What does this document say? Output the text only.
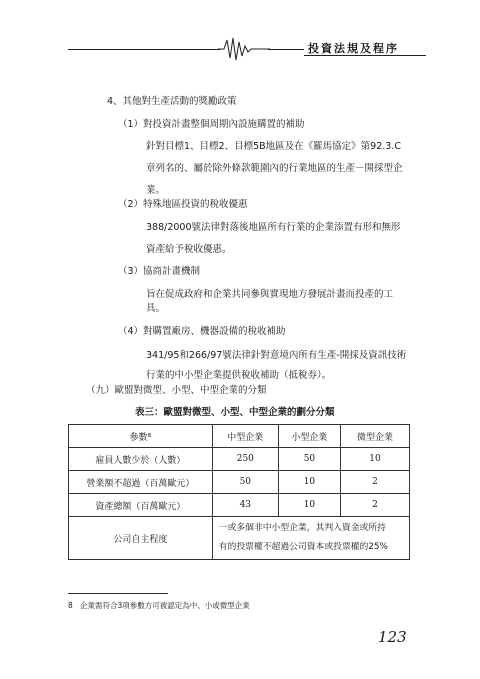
投資法規及程序
4、其他對生產活動的獎勵政策
（1）對投資計畫整個周期內設施購置的補助
針對目標1、目標2、目標5B地區及在《羅馬協定》第92.3.C
章列名的、屬於除外條款範圍內的行業地區的生產－開採型企
業。
（2）特殊地區投資的稅收優惠
388/2000號法律對落後地區所有行業的企業添置有形和無形
資產給予稅收優惠。
（3）協商計畫機制
旨在促成政府和企業共同參與實現地方發展計畫而投產的工
具。
（4）對購置廠房、機器設備的稅收補助
341/95和266/97號法律針對意境內所有生產-開採及資訊技術
行業的中小型企業提供稅收補助（抵稅券）。
（九）歐盟對微型、小型、中型企業的分類
表三：歐盟對微型、小型、中型企業的劃分分類
參數⁸	中型企業	小型企業	微型企業
雇員人數少於（人數）	250	50	10
營業額不超過（百萬歐元）	50	10	2
資產總額（百萬歐元）	43	10	2
公司自主程度	一或多個非中小型企業，其判入資金或所持
有的投票權不超過公司資本或投票權的25%		
8 企業需符合3項參數方可被認定為中、小或微型企業
123
